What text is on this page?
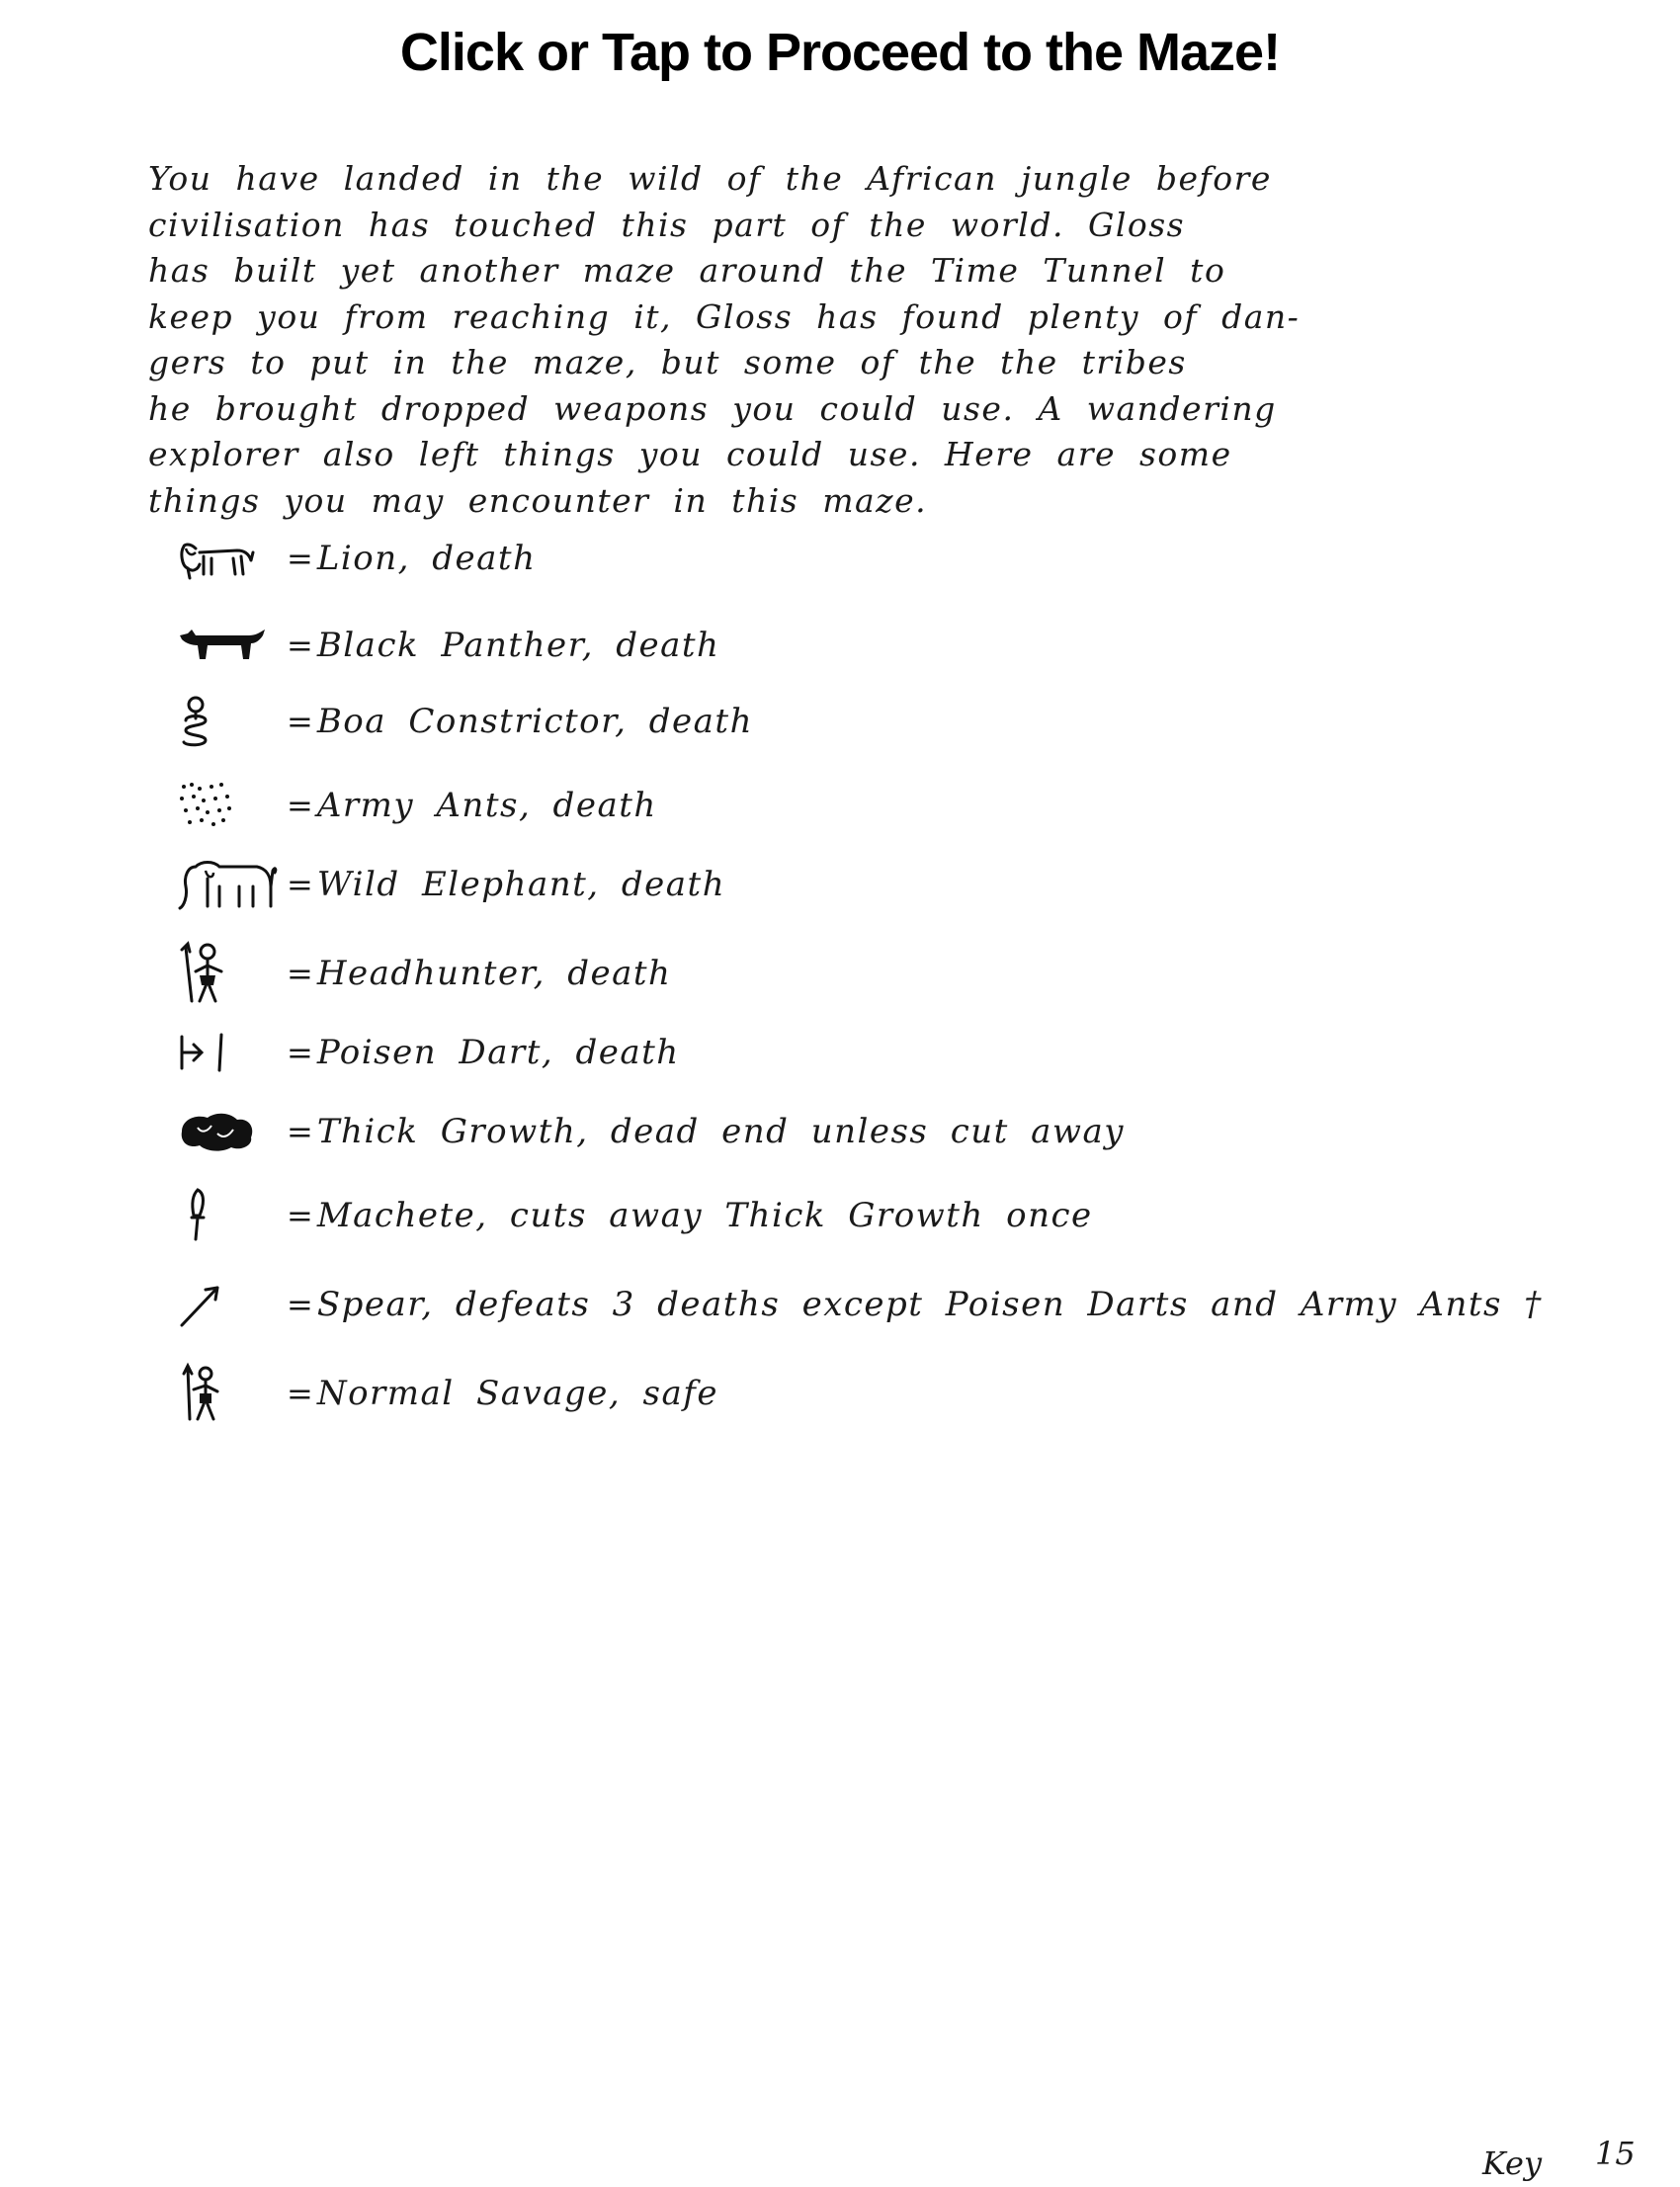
Click or Tap to Proceed to the Maze!
You have landed in the wild of the African jungle before
civilisation has touched this part of the world. Gloss
has built yet another maze around the Time Tunnel to
keep you from reaching it, Gloss has found plenty of dan-
gers to put in the maze, but some of the the tribes
he brought dropped weapons you could use. A wandering
explorer also left things you could use. Here are some
things you may encounter in this maze.
= Lion, death
= Black Panther, death
= Boa Constrictor, death
= Army Ants, death
= Wild Elephant, death
= Headhunter, death
= Poisen Dart, death
= Thick Growth, dead end unless cut away
= Machete, cuts away Thick Growth once
= Spear, defeats 3 deaths except Poisen Darts and Army Ants †
= Normal Savage, safe
Key 15
